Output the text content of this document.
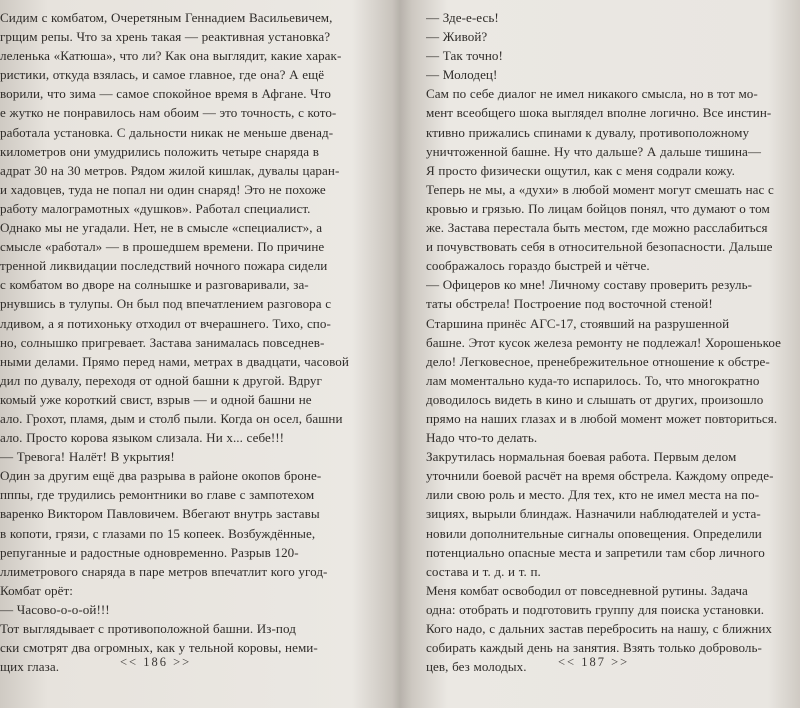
Сидим с комбатом, Очеретяным Геннадием Васильевичем,
грщим репы. Что за хрень такая — реактивная установка?
леленька «Катюша», что ли? Как она выглядит, какие харак-
ристики, откуда взялась, и самое главное, где она? А ещё
ворили, что зима — самое спокойное время в Афгане. Что
е жутко не понравилось нам обоим — это точность, с кото-
работала установка. С дальности никак не меньше двенад-
километров они умудрились положить четыре снаряда в
адрат 30 на 30 метров. Рядом жилой кишлак, дувалы царан-
и хадовцев, туда не попал ни один снаряд! Это не похоже
работу малограмотных «душков». Работал специалист.
Однако мы не угадали. Нет, не в смысле «специалист», а
смысле «работал» — в прошедшем времени. По причине
тренной ликвидации последствий ночного пожара сидели
с комбатом во дворе на солнышке и разговаривали, за-
рнувшись в тулупы. Он был под впечатлением разговора с
лдивом, а я потихоньку отходил от вчерашнего. Тихо, спо-
но, солнышко пригревает. Застава занималась повседнев-
ными делами. Прямо перед нами, метрах в двадцати, часовой
дил по дувалу, переходя от одной башни к другой. Вдруг
комый уже короткий свист, взрыв — и одной башни не
ало. Грохот, пламя, дым и столб пыли. Когда он осел, башни
ало. Просто корова языком слизала. Ни х... себе!!!
— Тревога! Налёт! В укрытия!
Один за другим ещё два разрыва в районе окопов броне-
пппы, где трудились ремонтники во главе с зампотехом
варенко Виктором Павловичем. Вбегают внутрь заставы
в копоти, грязи, с глазами по 15 копеек. Возбуждённые,
репуганные и радостные одновременно. Разрыв 120-
ллиметрового снаряда в паре метров впечатлит кого угод-
Комбат орёт:
— Часово-о-о-ой!!!
Тот выглядывает с противоположной башни. Из-под
ски смотрят два огромных, как у тельной коровы, неми-
щих глаза.	<< 186 >>
— Зде-е-есь!
— Живой?
— Так точно!
— Молодец!
Сам по себе диалог не имел никакого смысла, но в тот мо-
мент всеобщего шока выглядел вполне логично. Все инстин-
ктивно прижались спинами к дувалу, противоположному
уничтоженной башне. Ну что дальше? А дальше тишина—
Я просто физически ощутил, как с меня содрали кожу.
Теперь не мы, а «духи» в любой момент могут смешать нас с
кровью и грязью. По лицам бойцов понял, что думают о том
же. Застава перестала быть местом, где можно расслабиться
и почувствовать себя в относительной безопасности. Дальше
соображалось гораздо быстрей и чётче.
— Офицеров ко мне! Личному составу проверить резуль-
таты обстрела! Построение под восточной стеной!
Старшина принёс АГС-17, стоявший на разрушенной
башне. Этот кусок железа ремонту не подлежал! Хорошенькое
дело! Легковесное, пренебрежительное отношение к обстре-
лам моментально куда-то испарилось. То, что многократно
доводилось видеть в кино и слышать от других, произошло
прямо на наших глазах и в любой момент может повториться.
Надо что-то делать.
Закрутилась нормальная боевая работа. Первым делом
уточнили боевой расчёт на время обстрела. Каждому опреде-
лили свою роль и место. Для тех, кто не имел места на по-
зициях, вырыли блиндаж. Назначили наблюдателей и уста-
новили дополнительные сигналы оповещения. Определили
потенциально опасные места и запретили там сбор личного
состава и т. д. и т. п.
Меня комбат освободил от повседневной рутины. Задача
одна: отобрать и подготовить группу для поиска установки.
Кого надо, с дальних застав перебросить на нашу, с ближних
собирать каждый день на занятия. Взять только доброволь-
цев, без молодых.	<< 187 >>
